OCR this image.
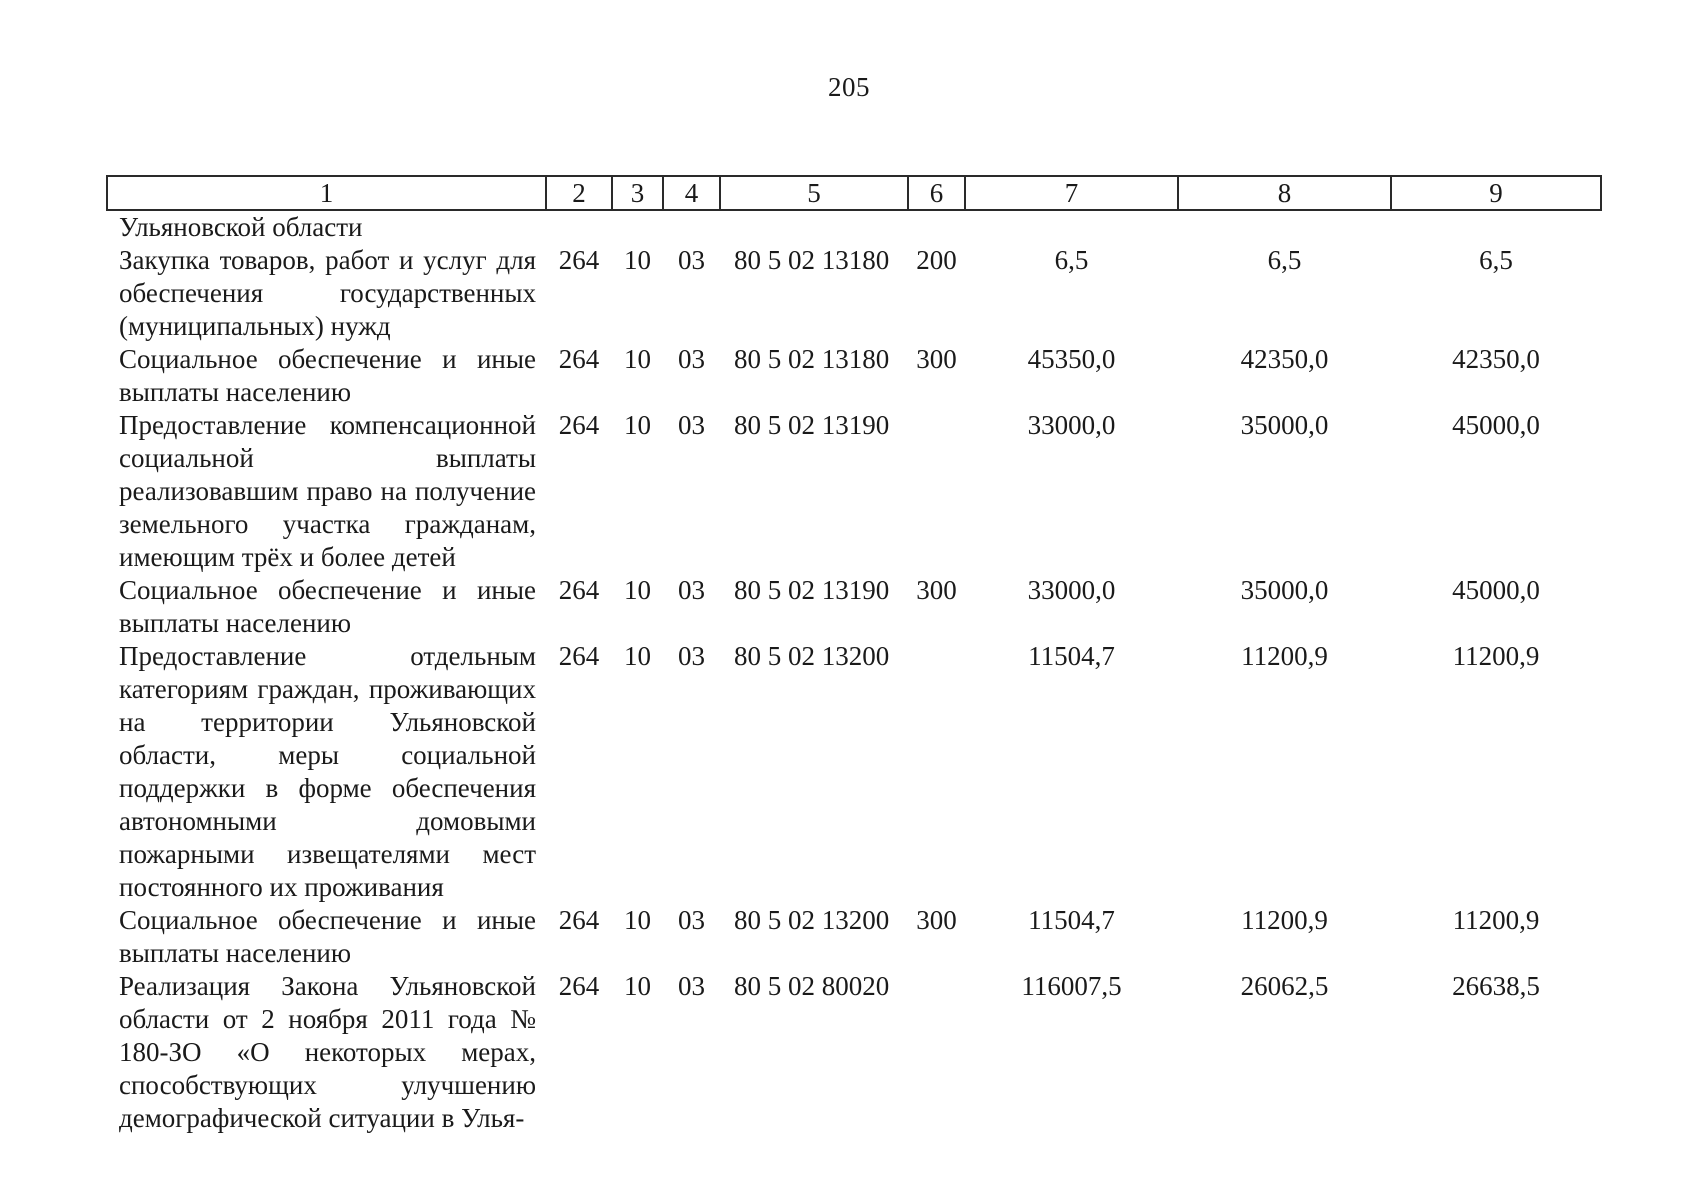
205
1	2	3	4	5	6	7	8	9
Ульяновской области								
Закупка товаров, работ и услуг для обеспечения государственных (муниципальных) нужд	264	10	03	80 5 02 13180	200	6,5	6,5	6,5
Социальное обеспечение и иные выплаты населению	264	10	03	80 5 02 13180	300	45350,0	42350,0	42350,0
Предоставление компенсационной социальной выплаты реализовавшим право на получение земельного участка гражданам, имеющим трёх и более детей	264	10	03	80 5 02 13190		33000,0	35000,0	45000,0
Социальное обеспечение и иные выплаты населению	264	10	03	80 5 02 13190	300	33000,0	35000,0	45000,0
Предоставление отдельным категориям граждан, проживающих на территории Ульяновской области, меры социальной поддержки в форме обеспечения автономными домовыми пожарными извещателями мест постоянного их проживания	264	10	03	80 5 02 13200		11504,7	11200,9	11200,9
Социальное обеспечение и иные выплаты населению	264	10	03	80 5 02 13200	300	11504,7	11200,9	11200,9
Реализация Закона Ульяновской области от 2 ноября 2011 года № 180-ЗО «О некоторых мерах, способствующих улучшению демографической ситуации в Улья-	264	10	03	80 5 02 80020		116007,5	26062,5	26638,5
